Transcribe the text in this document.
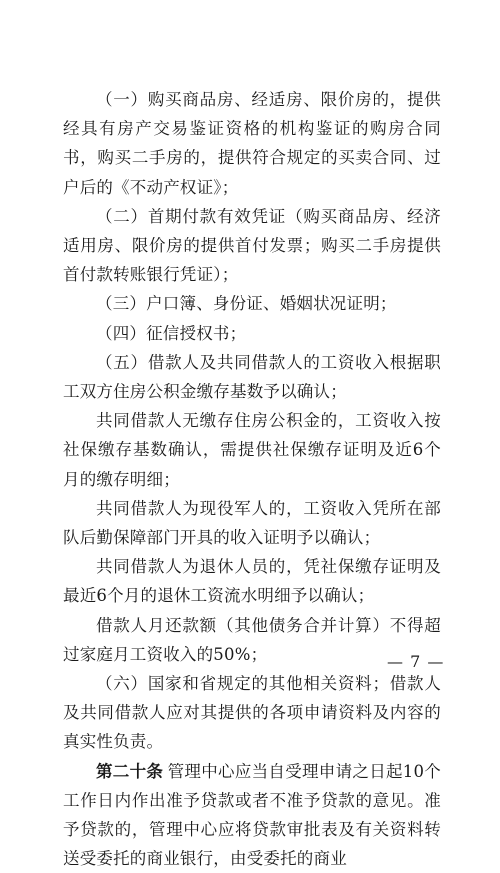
（一）购买商品房、经适房、限价房的，提供经具有房产交易鉴证资格的机构鉴证的购房合同书，购买二手房的，提供符合规定的买卖合同、过户后的《不动产权证》；

（二）首期付款有效凭证（购买商品房、经济适用房、限价房的提供首付发票；购买二手房提供首付款转账银行凭证）；

（三）户口簿、身份证、婚姻状况证明；

（四）征信授权书；

（五）借款人及共同借款人的工资收入根据职工双方住房公积金缴存基数予以确认；

共同借款人无缴存住房公积金的，工资收入按社保缴存基数确认，需提供社保缴存证明及近6个月的缴存明细；

共同借款人为现役军人的，工资收入凭所在部队后勤保障部门开具的收入证明予以确认；

共同借款人为退休人员的，凭社保缴存证明及最近6个月的退休工资流水明细予以确认；

借款人月还款额（其他债务合并计算）不得超过家庭月工资收入的50%；

（六）国家和省规定的其他相关资料；借款人及共同借款人应对其提供的各项申请资料及内容的真实性负责。

第二十条  管理中心应当自受理申请之日起10个工作日内作出准予贷款或者不准予贷款的意见。准予贷款的，管理中心应将贷款审批表及有关资料转送受委托的商业银行，由受委托的商业

— 7 —
